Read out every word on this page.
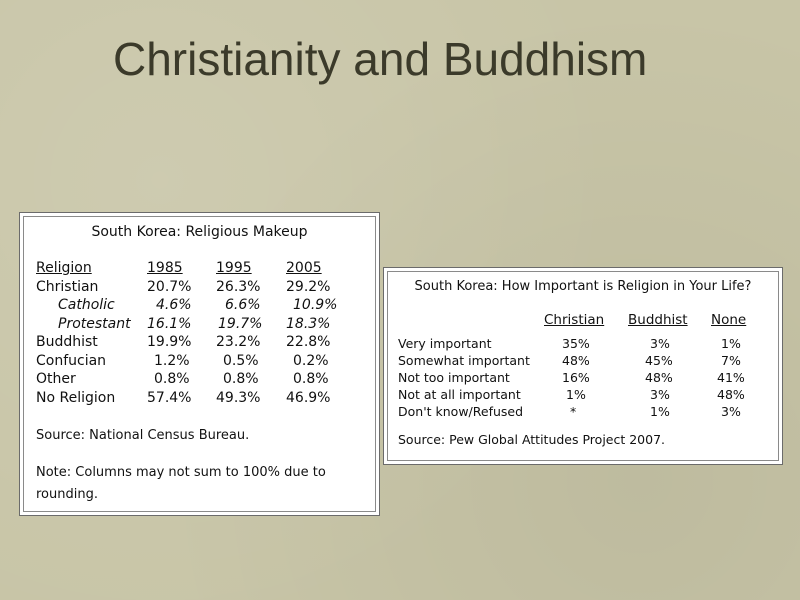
Christianity and Buddhism
South Korea: Religious Makeup
Religion	1985 1995 2005
Christian	20.7% 26.3% 29.2%
Catholic	4.6% 6.6% 10.9%
Protestant 16.1% 19.7% 18.3%
Buddhist	19.9% 23.2% 22.8%
Confucian	1.2% 0.5% 0.2%
Other	0.8% 0.8% 0.8%
No Religion 57.4% 49.3% 46.9%
Source: National Census Bureau.
Note: Columns may not sum to 100% due to rounding.
South Korea: How Important is Religion in Your Life?
Christian Buddhist None
Very important	35%	3%	1%
Somewhat important	48%	45%	7%
Not too important	16%	48%	41%
Not at all important	1%	3%	48%
Don't know/Refused	*	1%	3%
Source: Pew Global Attitudes Project 2007.
